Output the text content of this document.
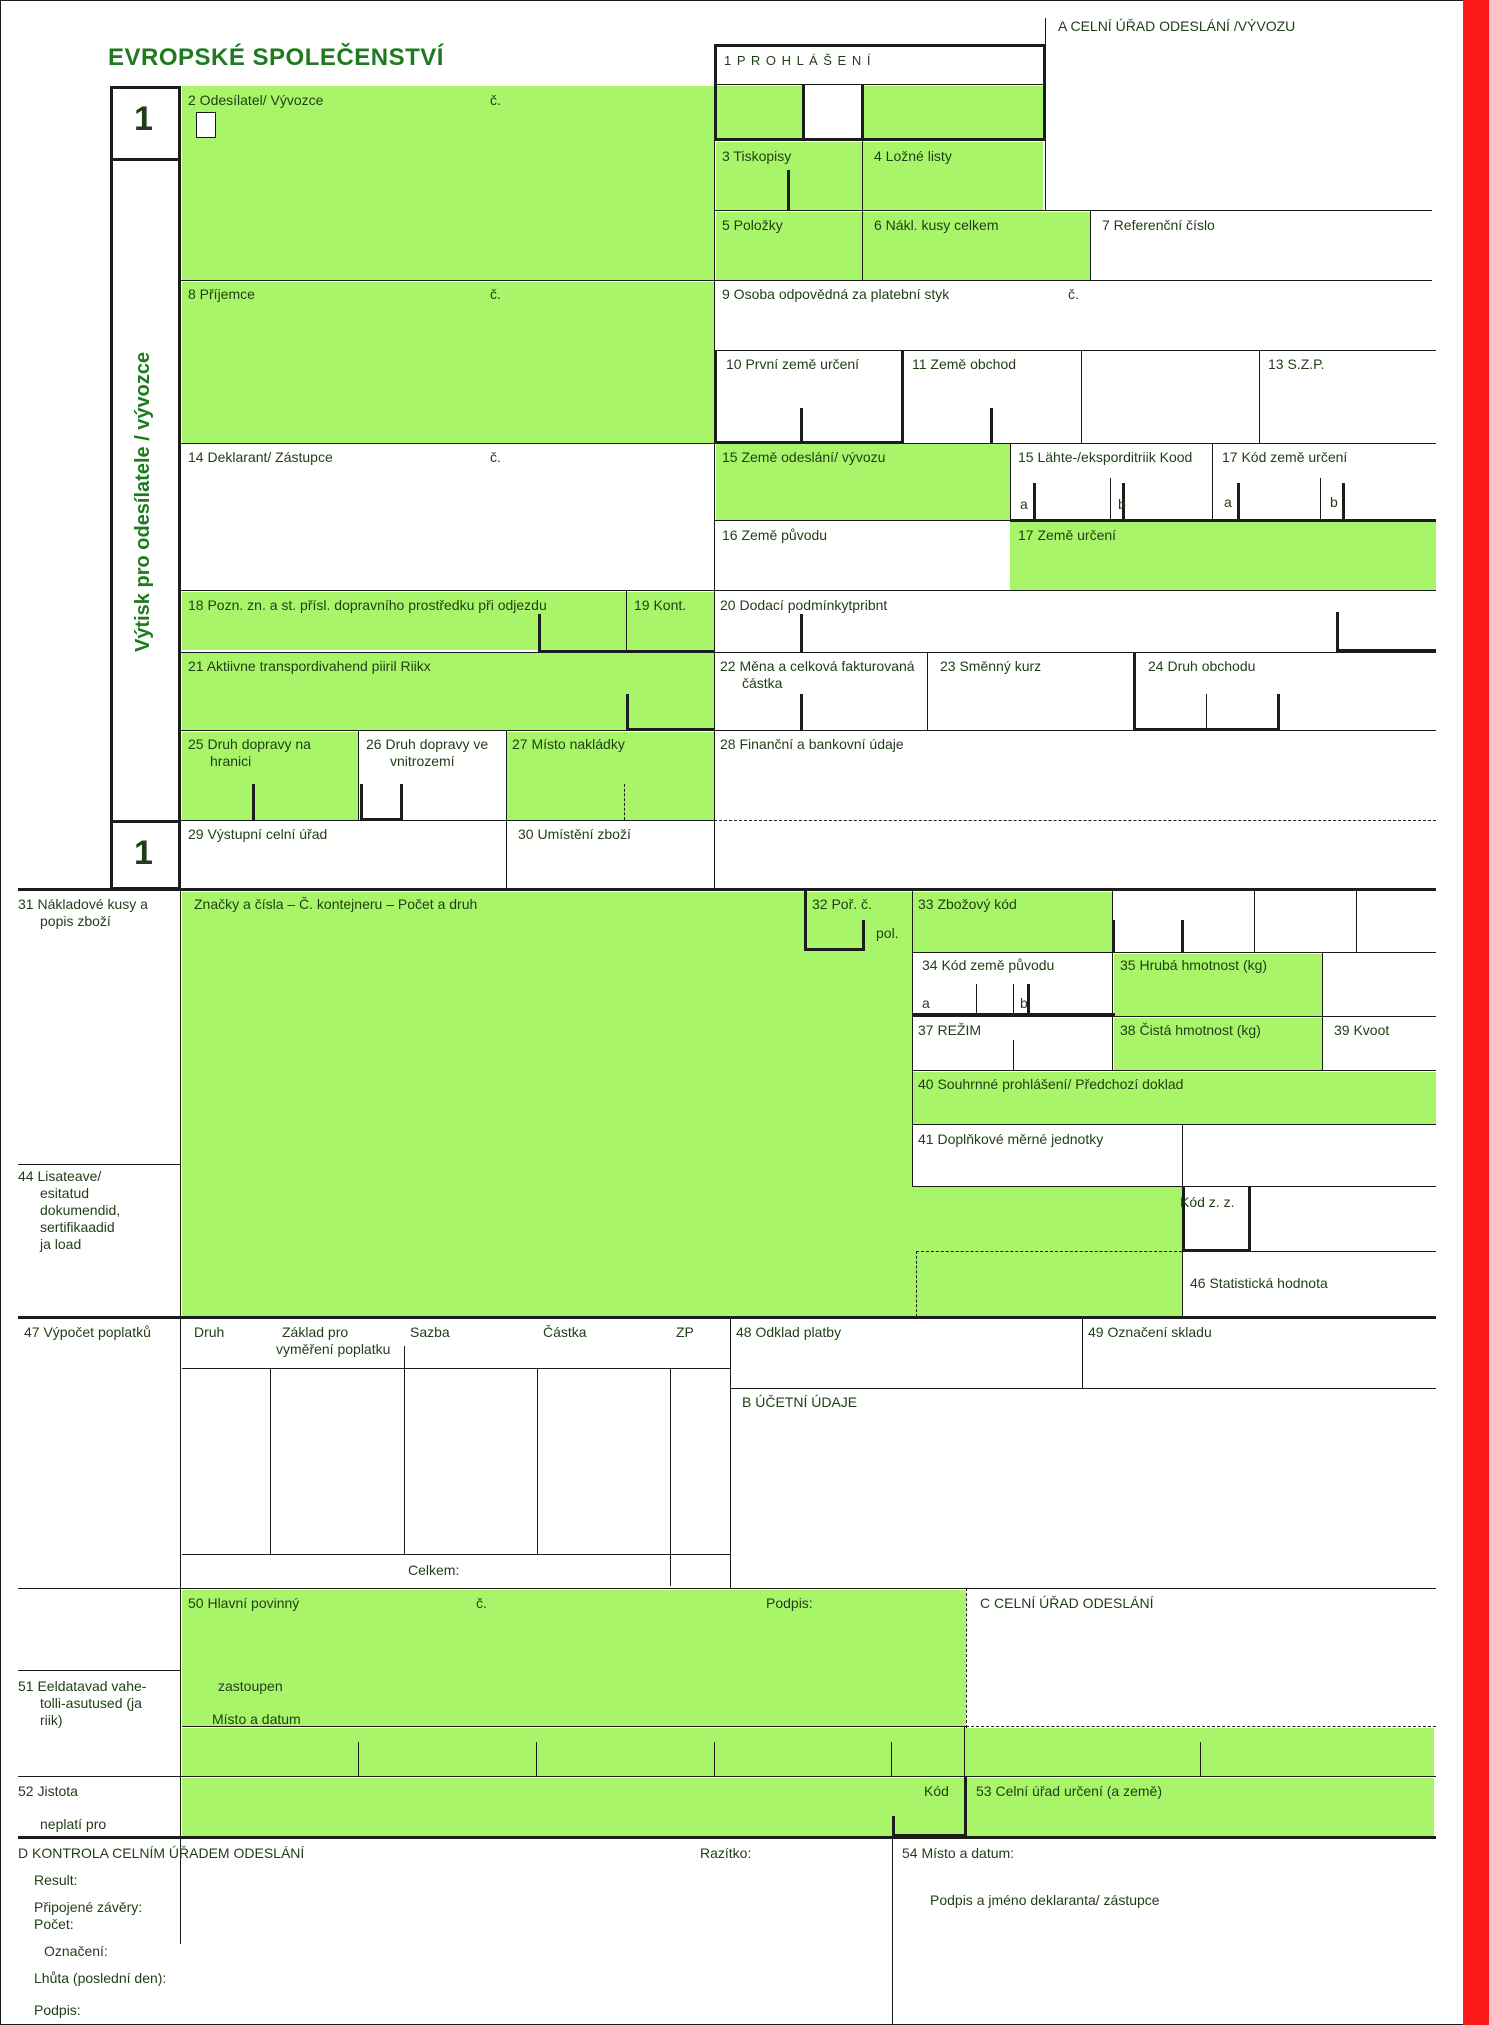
EVROPSKÉ SPOLEČENSTVÍ
A CELNÍ ÚŘAD ODESLÁNÍ /VÝVOZU
1 P R O H L Á Š E N Í
1
1
Výtisk pro odesílatele / vývozce
2 Odesílatel/ Vývozce	č.
3 Tiskopisy	4 Ložné listy
5 Položky	6 Nákl. kusy celkem	7 Referenční číslo
8 Příjemce	č.	9 Osoba odpovědná za platební styk	č.
10 První země určení	11 Země obchod	13 S.Z.P.
14 Deklarant/ Zástupce	č.	15 Země odeslání/ vývozu	15 Lähte-/eksporditriik Kood
a	b
17 Kód země určení
a	b
16 Země původu	17 Země určení
18 Pozn. zn. a st. přísl. dopravního prostředku při odjezdu	19 Kont. 20 Dodací podmínkytpribnt
21 Aktiivne transpordivahend piiril Riikx	22 Měna a celková fakturovaná
částka
23 Směnný kurz	24 Druh obchodu
25 Druh dopravy na
hranici
26 Druh dopravy ve
vnitrozemí
27 Místo nakládky	28 Finanční a bankovní údaje
29 Výstupní celní úřad	30 Umístění zboží
31 Nákladové kusy a
popis zboží
Značky a čísla – Č. kontejneru – Počet a druh	32 Poř. č.
pol.
33 Zbožový kód
34 Kód země původu
a	b
35 Hrubá hmotnost (kg)
37 REŽIM	38 Čistá hmotnost (kg)	39 Kvoot
40 Souhrnné prohlášení/ Předchozí doklad
41 Doplňkové měrné jednotky
44 Lisateave/
esitatud
dokumendid,
sertifikaadid
ja load
Kód z. z.
46 Statistická hodnota
47 Výpočet poplatků	Druh	Základ pro
vyměření poplatku
Sazba	Částka	ZP
Celkem:
48 Odklad platby	49 Označení skladu
B ÚČETNÍ ÚDAJE
50 Hlavní povinný	č.	Podpis:
zastoupen
Místo a datum
C CELNÍ ÚŘAD ODESLÁNÍ
51 Eeldatavad vahe-
tolli-asutused (ja
riik)
52 Jistota
neplatí pro
Kód 53 Celní úřad určení (a země)
D KONTROLA CELNÍM ÚŘADEM ODESLÁNÍ	Razítko:
Result:
Připojené závěry:
Počet:
Označení:
Lhůta (poslední den):
Podpis:
54 Místo a datum:
Podpis a jméno deklaranta/ zástupce
